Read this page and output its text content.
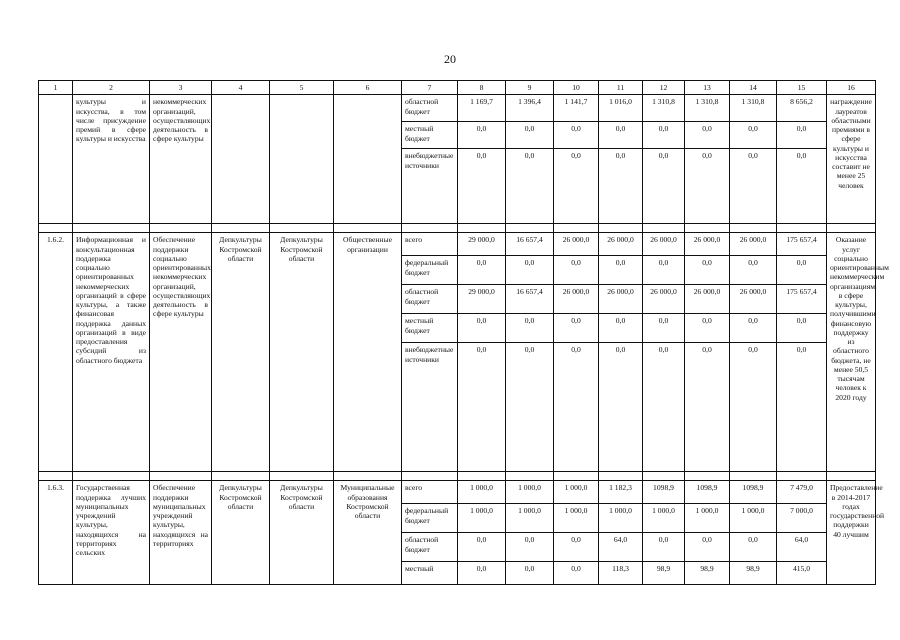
20
1	2	3	4	5	6	7	8	9	10	11	12	13	14	15	16
	культуры и искусства, в том числе присуждение премий в сфере культуры и искусства	некоммерческих организаций, осуществляющих деятельность в сфере культуры				областной бюджет	1 169,7	1 396,4	1 141,7	1 016,0	1 310,8	1 310,8	1 310,8	8 656,2	награждение лауреатов областными премиями в сфере культуры и искусства составит не менее 25 человек
						местный бюджет	0,0	0,0	0,0	0,0	0,0	0,0	0,0	0,0	
						внебюджетные источники	0,0	0,0	0,0	0,0	0,0	0,0	0,0	0,0	

1.6.2.	Информационная и консультационная поддержка социально ориентированных некоммерческих организаций в сфере культуры, а также финансовая поддержка данных организаций в виде предоставления субсидий из областного бюджета	Обеспечение поддержки социально ориентированных некоммерческих организаций, осуществляющих деятельность в сфере культуры	Депкультуры Костромской области	Депкультуры Костромской области	Общественные организации	всего	29 000,0	16 657,4	26 000,0	26 000,0	26 000,0	26 000,0	26 000,0	175 657,4	Оказание услуг социально ориентированным некоммерческим организациям в сфере культуры, получившими финансовую поддержку из областного бюджета, не менее 50,5 тысячам человек к 2020 году
						федеральный бюджет	0,0	0,0	0,0	0,0	0,0	0,0	0,0	0,0	
						областной бюджет	29 000,0	16 657,4	26 000,0	26 000,0	26 000,0	26 000,0	26 000,0	175 657,4	
						местный бюджет	0,0	0,0	0,0	0,0	0,0	0,0	0,0	0,0	
						внебюджетные источники	0,0	0,0	0,0	0,0	0,0	0,0	0,0	0,0	

1.6.3.	Государственная поддержка лучших муниципальных учреждений культуры, находящихся на территориях сельских	Обеспечение поддержки муниципальных учреждений культуры, находящихся на территориях	Депкультуры Костромской области	Депкультуры Костромской области	Муниципальные образования Костромской области	всего	1 000,0	1 000,0	1 000,0	1 182,3	1098,9	1098,9	1098,9	7 479,0	Предоставление в 2014-2017 годах государственной поддержки 40 лучшим
						федеральный бюджет	1 000,0	1 000,0	1 000,0	1 000,0	1 000,0	1 000,0	1 000,0	7 000,0	
						областной бюджет	0,0	0,0	0,0	64,0	0,0	0,0	0,0	64,0	
						местный	0,0	0,0	0,0	118,3	98,9	98,9	98,9	415,0	
